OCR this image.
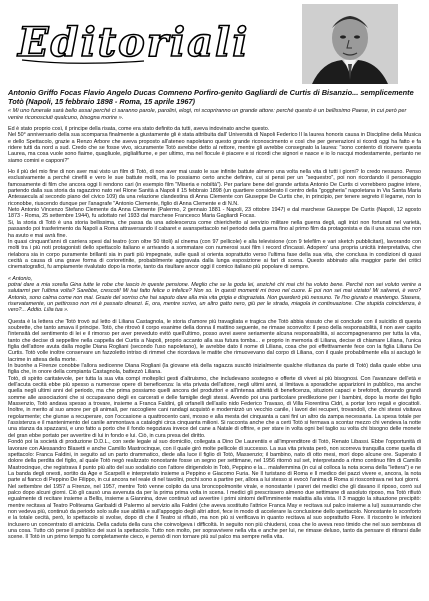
Editoriali
Antonio Griffo Focas Flavio Angelo Ducas Comneno Porfiro-genito Gagliardi de Curtis di Bisanzio... semplicemente Totò (Napoli, 15 febbraio 1898 - Roma, 15 aprile 1967)
« Mi uno funerale sarà bello assai perché ci saranno parole, parolini, elogi, mi scopriranno un grande attore: perché questo è un bellissimo Paese, in cui però per venire riconosciuti qualcuno, bisogna morire ».

Ed è stato proprio così, il principe della risata, come era stato definito da tutti, aveva indovinato anche questo.

Nel 50° anniversario della sua scomparsa finalmente a giustamente gli è stata attribuita dall' Università di Napoli Federico II la laurea honoris causa in Discipline della Musica e dello Spettacolo, grazie a Renzo Arbore che aveva proposto all'ateneo napoletano questo grande riconoscimento e così che per generazioni si ricordi oggi ha fatto e fa ridere tutti da nord a sud. Credo che se fosse vivo, sicuramente Totò avrebbe detto al rettore, mentre gli avrebbe consegnato la laurea: "sono contento di ricevere questa Laurea, ma cosa vuole sono fiaime, quagliuole, piglialifiume, e per ultimo, ma nel fiocule è piacere e si ricordi che signori e nasce e io lo nacqui modestamente, pertanto ne siamo comini e capponi?"

Ho il più del mio fine di non aver mai visto un film di Totò, di non aver mai usato le sue infinite battute almeno una volta nella vita di tutti i giorni? Io credo nessuno. Penso esclusivamente a perché cinefili e vero le sue battute molti, ma lo possiamo certo anche definire, cui si pensi per un "sequestro", poi non ricordando il personaggio famosamente di film che ancora oggi li rendono cari (in esempio film "Miseria e nobiltà"). Per parlare bene del grande artista Antonio De Curtis ci vorrebbero pagine intere, partendo dalla sua storia da ragazzino nato nel Rione Sanità a Napoli il 15 febbraio 1898 (un quartiere considerato il centro della "goggheria" napoletana in Via Santa Maria Antesaecula al secondo piano del civico 109) da una relazione clandestina di Anna Clemente con Giuseppe De Curtis che, in principio, per tenere segreto il legame, non lo riconobbe, riuscendo dunque per l'anagrafe "Antonio Clemente, figlio di Anna Clemente e di N.N.

Neto Antonio Vincenzo Stefano Clemente da Anna Clemente (Palermo, 2 gennaio 1881 - Napoli, 23 ottobre 1947) e dal marchese Giuseppe De Curtis (Napoli, 12 agosto 1873 - Roma, 25 settembre 1944), fu adottato nel 1933 dal marchese Francesco Maria Gagliardi Focas.

Si, la storia di Totò è una storia bellissima, che passa da una adolescenza come chierichetto al servizio militare nella guerra degli, agli inizi non fortunati nel varietà, passando poi trasferimento da Napoli a Roma attraversando il cabaret e avanspettacolo nel periodo della guerra fino al primo film da protagonista e da il una scusa che non ha avuto e mai avrà fine.

In quasi cinquant'anni di carriera spesi dal teatro (con oltre 50 titoli) al cinema (con 97 pellicole) e alla televisione (con 9 telefilm e vari sketch pubblicitari), lavorando con molti tra i più noti protagonisti dello spettacolo italiano e arrivando a sommatare con numerosi suoi film i record d'incassi. Adopero' una propria unicità interpretativa, che rielabora sia in corpo puramente brillanti sia in parti più impegnate, sulle quali si orienta soprattutto verso l'ultima fase della sua vita, che conclusa in condizioni di quasi cecità a causa di una grave forma di corioretinite, probabilmente aggravata dalla lunga esposizione ai fari di scena. Questo abbinato alla maggior parte dei critici cinematografici, fu ampiamente rivalutato dopo la morte, tanto da risultare ancor oggi il comico italiano più popolare di sempre.

« Antonio,

potrai dare a mia sorella Gina tutte le robe che lascio in queste pensione. Meglio che se la goda lei, anziché chi mai chi ha voluto bene. Perché non sei voluto venire a salutarmi per l'ultima volta? Sarebbe, crescoti! Mi hai fatto felice o infelice? Non so. In questi momenti mi trovo nel cuore. E poi non sei mai viziato! Mi salverei, è vero? Antonio, sono calma come non mai. Grazie del sorriso che hai saputo dare alla mia vita grigia e disgraziata. Non guarderò più nessuno. Te l'ho giurato e mantengo. Stasera, riservatamente, un pettirosso non mi è passato dinanzi. E, ora, mentre scrivo, un altro gatto nero, giù per le strada, miagola in continuazione. Che stupida coincidenza, è vero?... Addio. Lilia tua ».

Questa è la lettera che Totò trovò sul letto di Liliana Castagnola, le storia d'amore più travagliata e tragica che Totò abbia vissuto che si conclude con il suicidio di questa soubrette, che tanto amava il principe. Totò, che ritrovò il corpo esanime della donna il mattino seguente, ne rimase sconvolto: il peso della responsabilità, il non aver capito l'intensità del sentimento di lei e il rimorso per aver preveduto evitò quell'ultimo, posso avrei avere seriamente alcuna responsabilità, si accompagneranno per tutta la vita, tanto che decise di seppellire nella cappella dei Curtis a Napoli, proprio accanto alla sua futura tomba... e proprio in memoria di Liliana, decise di chiamare Liliana, l'unica figlia dell'attore avuta dalla moglie Diana Rogliani (secondo l'uso napoletano), le avrebbe dato il nome di Liliana, cosa che poi effettivamente fece con la figlia Liliana De Curtis. Totò volle inoltre conservare un fazzoletto intriso di rimmel che ricordava le matite che rimuovevano dal corpo di Liliana, con il quale probabilmente ella si asciugò le lacrime in attesa della morte.

In buonhe a Firenze conobbe l'allora sedicenne Diana Rogliani (la giovane età della ragazza suscitò inizialmente qualche riluttanza da parte di Totò) dalla quale ebbe una figlia che, in onore della compianta Castagnola, battezzò Liliana.

Totò, di spirito caritatevole, per tutta la sua vita compì molteplici gesti d'altruismo, che includevano sostegno e offerte di viveri ai più bisognosi. Con l'avanzare dell'età e dell'acuta cecità ebbe più spesso a numerose opere di beneficenza: la vita privata dell'attore, negli ultimi anni, si limitava a sporadiche apparizioni in pubblico, ma anche quella negli ultimi anni del periodo, ma che prima possiamo quelli ancora del produttori e all'intensa attività di beneficenza, situzioni capaci e brefotrofi, donando grandi somme alle associazioni che si occupavano degli ex carcerati e delle famiglie degli stessi. Avendo poi una particolare predilezione per i bambini, dopo la morte dei figlio Massenzio, Totò andava spesso a trovare, insieme a Franca Faldini, gli orfanelli dell'asilo nido Federico Travaso, di Villa Fiorentina Cidri, a portar loro regali e giocattoli. Inoltre, in merito al suo amore per gli animali, per raccogliere cani randagi acquistò e modernizzò un vecchio canile, i lavori dei recuperi, trovandoli, che chi stessi visitava regolarmente; che giunse a recuperare, con l'occasione a quattrocento cani, mosso e alla mesta dei cinquanta a cani finì un altro da zampa necessaria. La spesa totale per l'assistenza e il mantenimento del canile ammontava a cataloghi circa cinquanta milioni. Si racconta anche che a certi Totò si fermava a scontar mezzo chi vendeva la notte una stanza da spazzarsi, e uno fatto a porto che il fondo negoziava invece del cane a Natale di offrire, e per stare in volta ogni bel taglio su volta chi bisogno delle monete del gran ebbe portato per avvertire di lui in fondo e lui. Ciò, in cura presa del diritto.

Fondò poi la società di produzione D.D.L., con sede legale al suo domicilio, collegata a Dino De Laurentiis e all'imprenditore di Totò, Renato Libassi. Ebbe l'opportunità di lavorare con Alessandro Blasetti e anche Camillo Mastrocinque, con il quale girò molte pellicole di successo. La sua vita privata però, non scorreva tranquilla come quella di spettacolo: Franca Faldini, in seguito ad un parto drammatico, diede alla luce il figlio di Totò, Massenzio; il bambino, nato di otto mesi, morì dopo alcune ore. Superato il dolore della perdita del figlio, al quale Totò negò realizzato nonostante fosse un segno per settimane, nel 1956 ritornò sul set, interpretando a ritmo continuo film di Camillo Mastrocinque, che registrava il punto più alto del suo sodalizio con l'attore dirigendolo in Totò, Peppino e la... malafemmina (in cui al colloca la nota scena della "lettera") e ne La banda degli onesti, sortito da Age e Scarpelli e interpretato insieme a Peppino e Giacomo Furia. Ne Il turistano di Roma e Il medico dei pazzi vivere e, ancora, la nota parte al fianco di Peppino De Filippo, in cui ancora nel reale di nel tavolini, pochi sono a partire per, allora a lui stesso si evocò l'anima di Roma si rioscontrava nei tuoi giorni.

Nel settembre del 1957 a Firenze, nel 1957, mentre Totò venne colpito da una broncopolmonite virale, e nonostante i pareri dei medici che gli davano il riposo, corrò sul palco dopo alcuni giorni. Ciò gli causò una avvenuta da per la prima prima volta in scena. I medici gli prescrissero almeno due settimane di assoluto riposo, ma Totò rifiutò egualmente di recitare insieme a Bellis, insieme a Giannina, dove continuò ad avvertire i primi sintomi dell'imminente malattia alla vista. Il 3 maggio la situazione precipitò: mentre recitava al Teatro Politeama Garibaldi di Palermo al servizio alla Faldini (che aveva sostituito l'attrice Franca May e recitava sul palco insieme a lui) sussurrando che non vedeva più, continuò da periodo solo sulle sue abilità e sull'appoggio degli altri attori, fece in modo di accelerare la conclusione dello spettacolo. Nonostante lo sconforto e la totale cecità, però, lo spettacolo si svolse, dopo di che il Teatro si rifiutò, ma non più si verificava in quanto recitava al suo soprattutto Fiore. Il riscontro le infezioni inclusero un concentrato di amicizia. Della caduta della cura che coinvolgeva i difficoltà. In seguito non più chiudersi, cosa che lo aveva reso timido che nel suo sembrava di una cosa. Tutto ciò perse il pubblico dei suoi la spettacolo. Tutto non molto, per sopravvivere nella vita e anche per lui, ne rimase deluso, tanto da pensare di ritirarsi dalle scene. Il Totò in un primo tempo fu completamente cieco, e pensò di non tornare più sul palco ma sempre nella vita.
